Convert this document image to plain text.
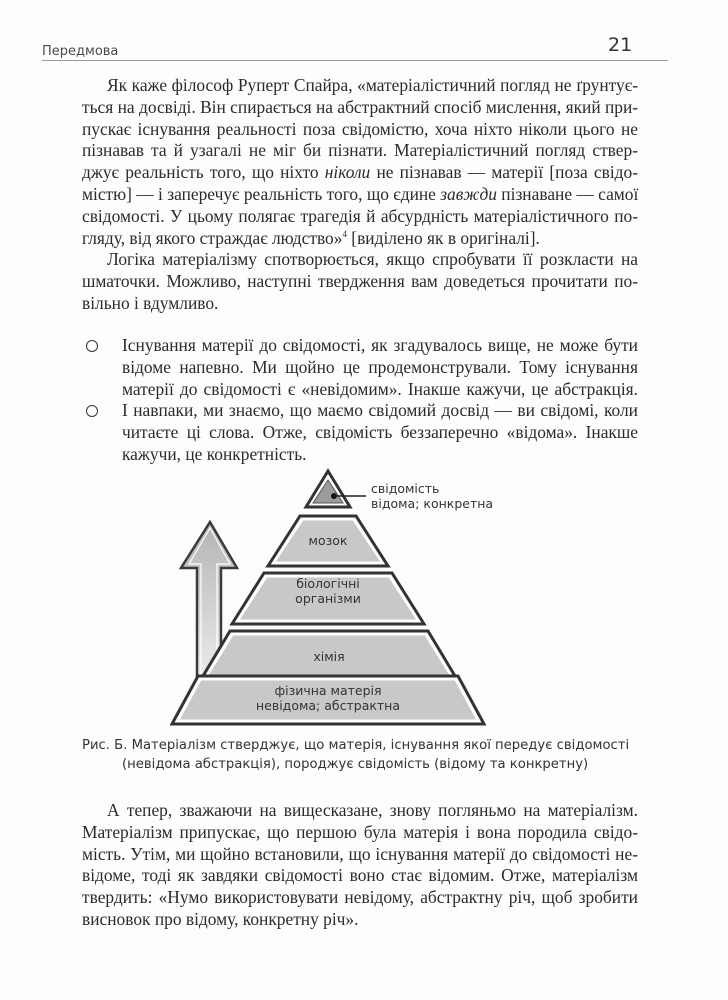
Передмова	21
Як каже філософ Руперт Спайра, «матеріалістичний погляд не ґрунтує-
ться на досвіді. Він спирається на абстрактний спосіб мислення, який при-
пускає існування реальності поза свідомістю, хоча ніхто ніколи цього не
пізнавав та й узагалі не міг би пізнати. Матеріалістичний погляд ствер-
джує реальність того, що ніхто ніколи не пізнавав — матерії [поза свідо-
містю] — і заперечує реальність того, що єдине завжди пізнаване — самої
свідомості. У цьому полягає трагедія й абсурдність матеріалістичного по-
гляду, від якого страждає людство»$^4$ [виділено як в оригіналі].
Логіка матеріалізму спотворюється, якщо спробувати її розкласти на
шматочки. Можливо, наступні твердження вам доведеться прочитати по-
вільно і вдумливо.
Існування матерії до свідомості, як згадувалось вище, не може бути
відоме напевно. Ми щойно це продемонстрували. Тому існування
матерії до свідомості є «невідомим». Інакше кажучи, це абстракція.
І навпаки, ми знаємо, що маємо свідомий досвід — ви свідомі, коли
читаєте ці слова. Отже, свідомість беззаперечно «відома». Інакше
кажучи, це конкретність.
свідомість
відома; конкретна
мозок
біологічні
організми
хімія
фізична матерія
невідома; абстрактна
Рис. Б. Матеріалізм стверджує, що матерія, існування якої передує свідомості
(невідома абстракція), породжує свідомість (відому та конкретну)
А тепер, зважаючи на вищесказане, знову погляньмо на матеріалізм.
Матеріалізм припускає, що першою була матерія і вона породила свідо-
мість. Утім, ми щойно встановили, що існування матерії до свідомості не-
відоме, тоді як завдяки свідомості воно стає відомим. Отже, матеріалізм
твердить: «Нумо використовувати невідому, абстрактну річ, щоб зробити
висновок про відому, конкретну річ».
